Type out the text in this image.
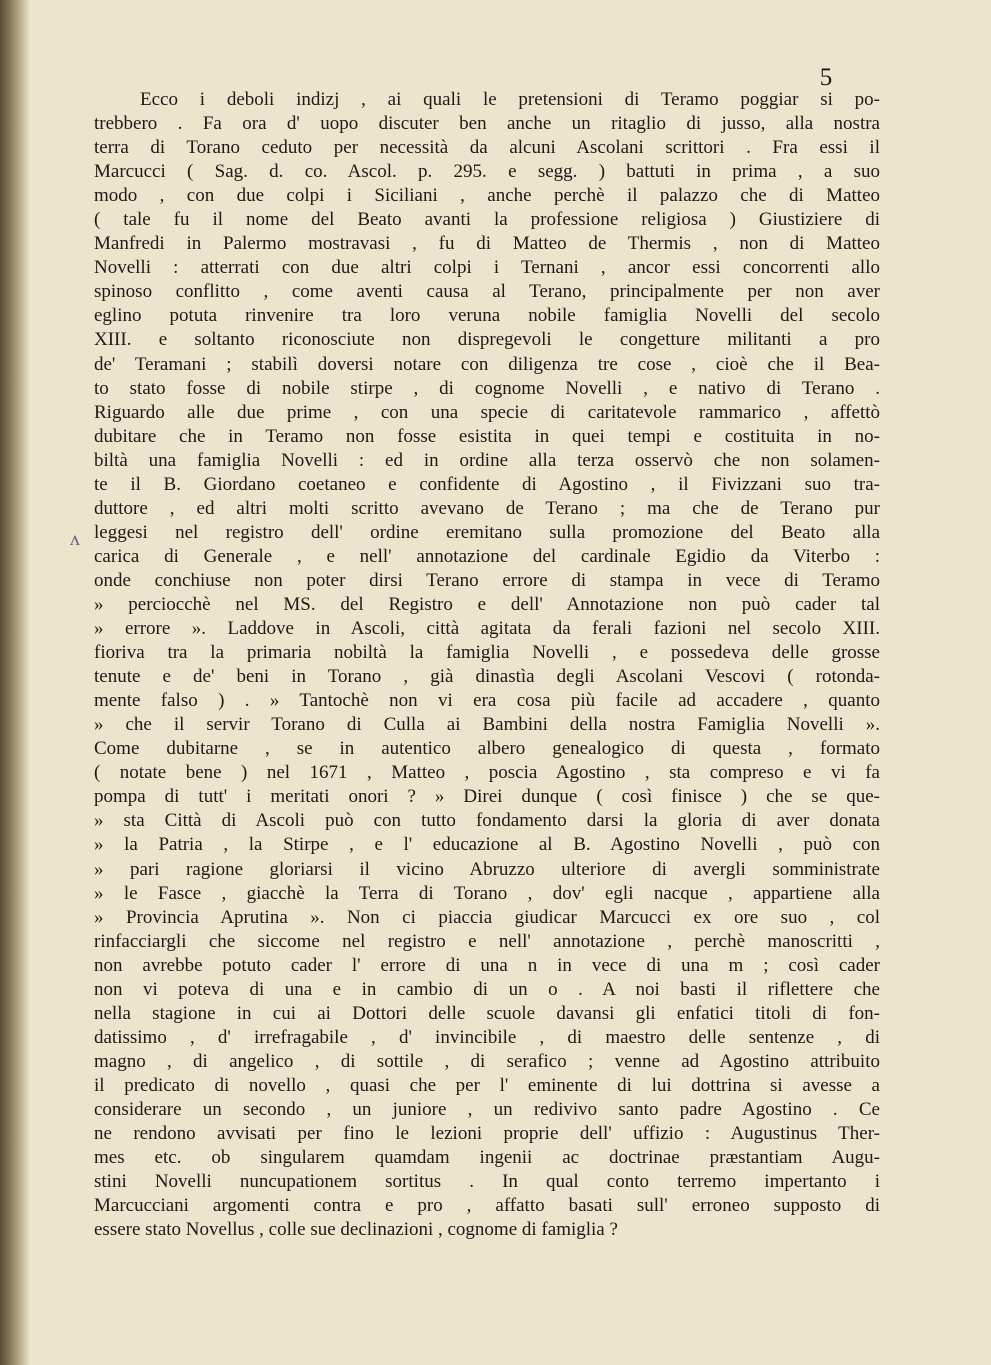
5
ʌ
Ecco i deboli indizj , ai quali le pretensioni di Teramo poggiar si po-
trebbero . Fa ora d' uopo discuter ben anche un ritaglio di jusso, alla nostra
terra di Torano ceduto per necessità da alcuni Ascolani scrittori . Fra essi il
Marcucci ( Sag. d. co. Ascol. p. 295. e segg. ) battuti in prima , a suo
modo , con due colpi i Siciliani , anche perchè il palazzo che di Matteo
( tale fu il nome del Beato avanti la professione religiosa ) Giustiziere di
Manfredi in Palermo mostravasi , fu di Matteo de Thermis , non di Matteo
Novelli : atterrati con due altri colpi i Ternani , ancor essi concorrenti allo
spinoso conflitto , come aventi causa al Terano, principalmente per non aver
eglino potuta rinvenire tra loro veruna nobile famiglia Novelli del secolo
XIII. e soltanto riconosciute non dispregevoli le congetture militanti a pro
de' Teramani ; stabilì doversi notare con diligenza tre cose , cioè che il Bea-
to stato fosse di nobile stirpe , di cognome Novelli , e nativo di Terano .
Riguardo alle due prime , con una specie di caritatevole rammarico , affettò
dubitare che in Teramo non fosse esistita in quei tempi e costituita in no-
biltà una famiglia Novelli : ed in ordine alla terza osservò che non solamen-
te il B. Giordano coetaneo e confidente di Agostino , il Fivizzani suo tra-
duttore , ed altri molti scritto avevano de Terano ; ma che de Terano pur
leggesi nel registro dell' ordine eremitano sulla promozione del Beato alla
carica di Generale , e nell' annotazione del cardinale Egidio da Viterbo :
onde conchiuse non poter dirsi Terano errore di stampa in vece di Teramo
» perciocchè nel MS. del Registro e dell' Annotazione non può cader tal
» errore ». Laddove in Ascoli, città agitata da ferali fazioni nel secolo XIII.
fioriva tra la primaria nobiltà la famiglia Novelli , e possedeva delle grosse
tenute e de' beni in Torano , già dinastìa degli Ascolani Vescovi ( rotonda-
mente falso ) . » Tantochè non vi era cosa più facile ad accadere , quanto
» che il servir Torano di Culla ai Bambini della nostra Famiglia Novelli ».
Come dubitarne , se in autentico albero genealogico di questa , formato
( notate bene ) nel 1671 , Matteo , poscia Agostino , sta compreso e vi fa
pompa di tutt' i meritati onori ? » Direi dunque ( così finisce ) che se que-
» sta Città di Ascoli può con tutto fondamento darsi la gloria di aver donata
» la Patria , la Stirpe , e l' educazione al B. Agostino Novelli , può con
» pari ragione gloriarsi il vicino Abruzzo ulteriore di avergli somministrate
» le Fasce , giacchè la Terra di Torano , dov' egli nacque , appartiene alla
» Provincia Aprutina ». Non ci piaccia giudicar Marcucci ex ore suo , col
rinfacciargli che siccome nel registro e nell' annotazione , perchè manoscritti ,
non avrebbe potuto cader l' errore di una n in vece di una m ; così cader
non vi poteva di una e in cambio di un o . A noi basti il riflettere che
nella stagione in cui ai Dottori delle scuole davansi gli enfatici titoli di fon-
datissimo , d' irrefragabile , d' invincibile , di maestro delle sentenze , di
magno , di angelico , di sottile , di serafico ; venne ad Agostino attribuito
il predicato di novello , quasi che per l' eminente di lui dottrina si avesse a
considerare un secondo , un juniore , un redivivo santo padre Agostino . Ce
ne rendono avvisati per fino le lezioni proprie dell' uffizio : Augustinus Ther-
mes etc. ob singularem quamdam ingenii ac doctrinae præstantiam Augu-
stini Novelli nuncupationem sortitus . In qual conto terremo impertanto i
Marcucciani argomenti contra e pro , affatto basati sull' erroneo supposto di
essere stato Novellus , colle sue declinazioni , cognome di famiglia ?
